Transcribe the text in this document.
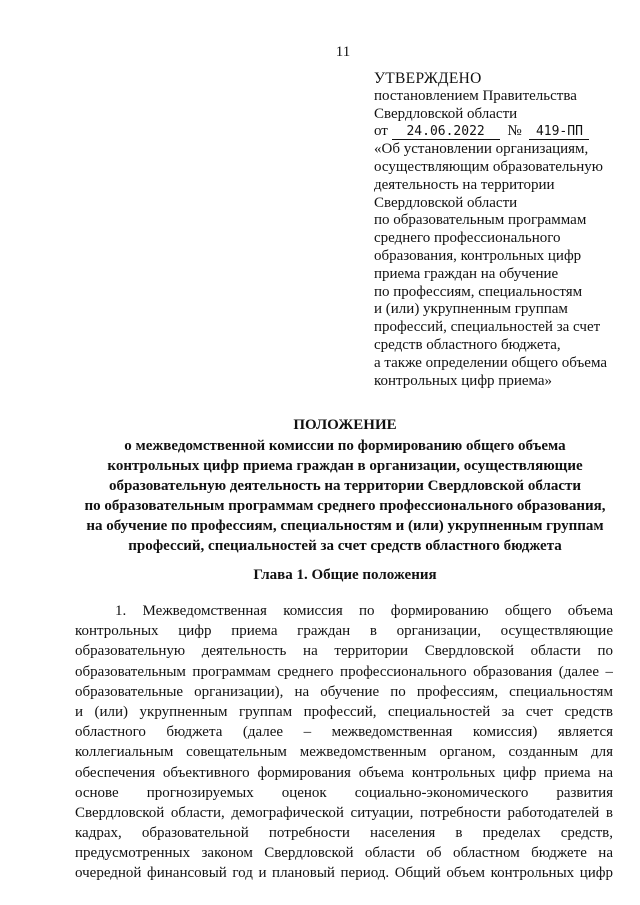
11
УТВЕРЖДЕНО
постановлением Правительства
Свердловской области
от 24.06.2022 № 419-ПП
«Об установлении организациям,
осуществляющим образовательную
деятельность на территории
Свердловской области
по образовательным программам
среднего профессионального
образования, контрольных цифр
приема граждан на обучение
по профессиям, специальностям
и (или) укрупненным группам
профессий, специальностей за счет
средств областного бюджета,
а также определении общего объема
контрольных цифр приема»
ПОЛОЖЕНИЕ
о межведомственной комиссии по формированию общего объема
контрольных цифр приема граждан в организации, осуществляющие
образовательную деятельность на территории Свердловской области
по образовательным программам среднего профессионального образования,
на обучение по профессиям, специальностям и (или) укрупненным группам
профессий, специальностей за счет средств областного бюджета
Глава 1. Общие положения
1. Межведомственная комиссия по формированию общего объема
контрольных цифр приема граждан в организации, осуществляющие
образовательную деятельность на территории Свердловской области по
образовательным программам среднего профессионального образования (далее –
образовательные организации), на обучение по профессиям, специальностям
и (или) укрупненным группам профессий, специальностей за счет средств
областного бюджета (далее – межведомственная комиссия) является
коллегиальным совещательным межведомственным органом, созданным для
обеспечения объективного формирования объема контрольных цифр приема на
основе прогнозируемых оценок социально-экономического развития
Свердловской области, демографической ситуации, потребности работодателей в
кадрах, образовательной потребности населения в пределах средств,
предусмотренных законом Свердловской области об областном бюджете на
очередной финансовый год и плановый период. Общий объем контрольных цифр
